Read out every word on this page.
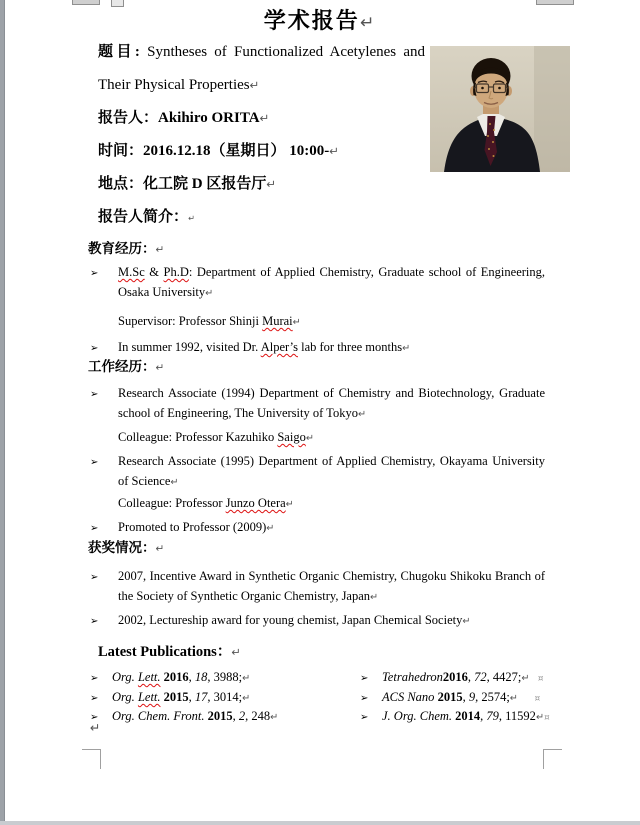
学术报告↵

题目: Syntheses of Functionalized Acetylenes and Their Physical Properties↵

报告人：Akihiro ORITA↵

时间：2016.12.18（星期日） 10:00-↵

地点：化工院 D 区报告厅↵

报告人简介：↵

教育经历：↵

➢ M.Sc & Ph.D: Department of Applied Chemistry, Graduate school of Engineering, Osaka University↵

Supervisor: Professor Shinji Murai↵

➢ In summer 1992, visited Dr. Alper’s lab for three months↵

工作经历：↵

➢ Research Associate (1994) Department of Chemistry and Biotechnology, Graduate school of Engineering, The University of Tokyo↵

Colleague: Professor Kazuhiko Saigo↵

➢ Research Associate (1995) Department of Applied Chemistry, Okayama University of Science↵

Colleague: Professor Junzo Otera↵

➢ Promoted to Professor (2009)↵

获奖情况：↵

➢ 2007, Incentive Award in Synthetic Organic Chemistry, Chugoku Shikoku Branch of the Society of Synthetic Organic Chemistry, Japan↵

➢ 2002, Lectureship award for young chemist, Japan Chemical Society↵

Latest Publications：↵

➢ Org. Lett. 2016, 18, 3988;↵

➢ Org. Lett. 2015, 17, 3014;↵

➢ Org. Chem. Front. 2015, 2, 248↵

➢ Tetrahedron2016, 72, 4427;↵   ¤

➢ ACS Nano 2015, 9, 2574;↵      ¤

➢ J. Org. Chem. 2014, 79, 11592↵¤

↵
